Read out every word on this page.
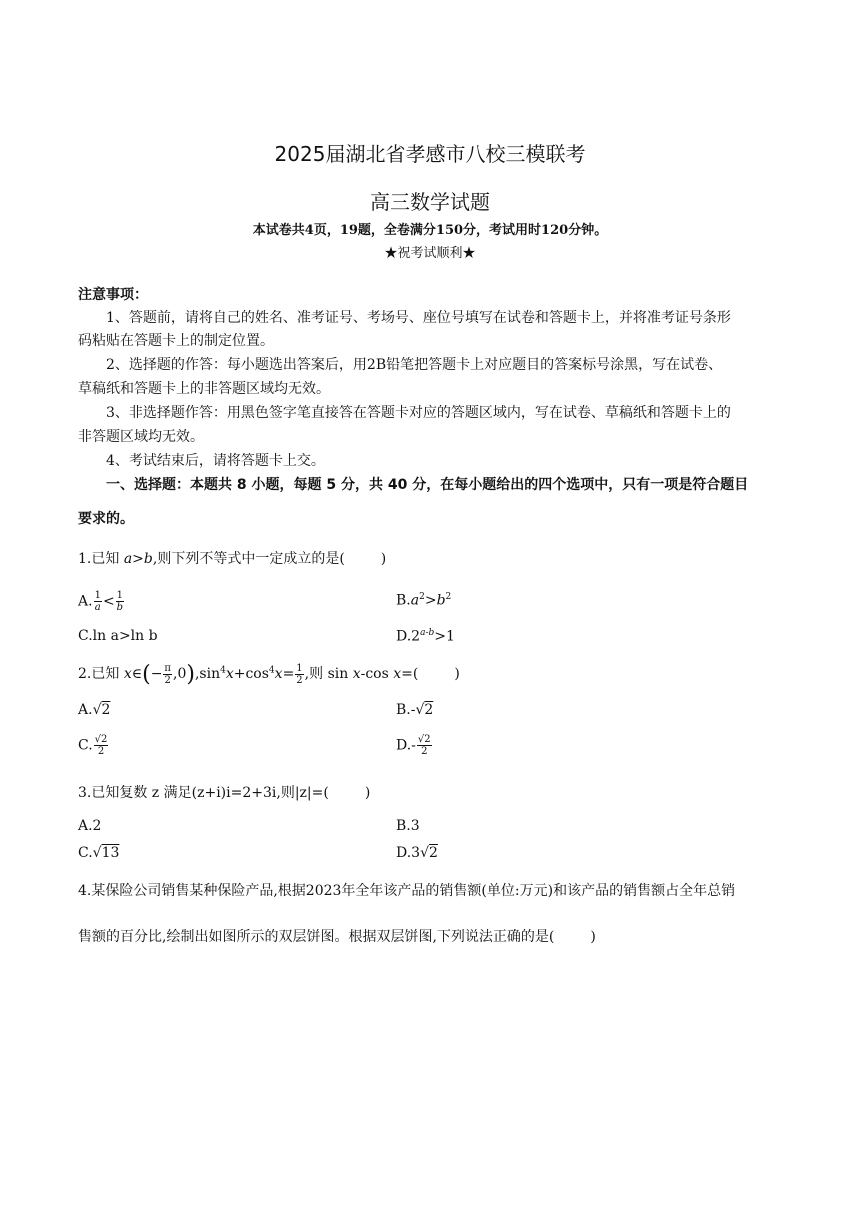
2025届湖北省孝感市八校三模联考
高三数学试题
本试卷共4页，19题，全卷满分150分，考试用时120分钟。
★祝考试顺利★
注意事项：
1、答题前，请将自己的姓名、准考证号、考场号、座位号填写在试卷和答题卡上，并将准考证号条形
码粘贴在答题卡上的制定位置。
2、选择题的作答：每小题选出答案后，用2B铅笔把答题卡上对应题目的答案标号涂黑，写在试卷、
草稿纸和答题卡上的非答题区域均无效。
3、非选择题作答：用黑色签字笔直接答在答题卡对应的答题区域内，写在试卷、草稿纸和答题卡上的
非答题区域均无效。
4、考试结束后，请将答题卡上交。
一、选择题：本题共 8 小题，每题 5 分，共 40 分，在每小题给出的四个选项中，只有一项是符合题目
要求的。
1.已知 a>b,则下列不等式中一定成立的是(	)
A. $\frac{1}{a} < \frac{1}{b}$	$B.a^2>b^2$
C.ln a>ln b	$D.2^{a-b}>1$
2.已知 x∈(− $\frac{\pi}{2} ,0),\sin^4x+\cos^4x= \frac{1}{2}$ ,则 sin x-cos x=(	)
A.√2	B.-√2
C. $\frac{√2}{2}$	$D.- \frac{√2}{2}$
3.已知复数 z 满足(z+i)i=2+3i,则|z|=(	)
A.2	B.3
C.√13	D.3√2
4.某保险公司销售某种保险产品,根据2023年全年该产品的销售额(单位:万元)和该产品的销售额占全年总销
售额的百分比,绘制出如图所示的双层饼图。根据双层饼图,下列说法正确的是(	)
